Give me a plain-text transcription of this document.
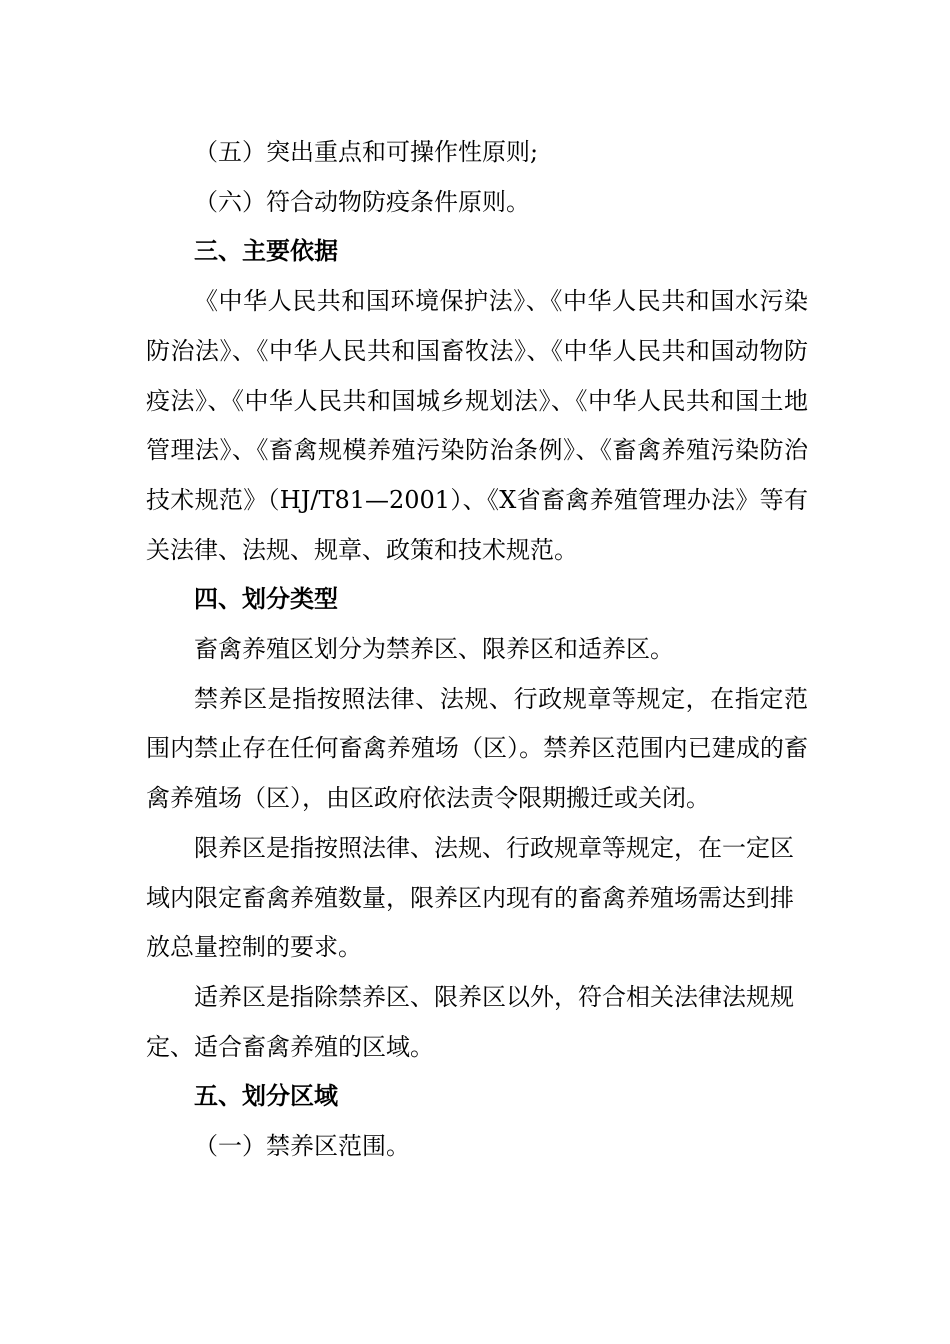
（五）突出重点和可操作性原则;

（六）符合动物防疫条件原则。

三、主要依据

《中华人民共和国环境保护法》、《中华人民共和国水污染防治法》、《中华人民共和国畜牧法》、《中华人民共和国动物防疫法》、《中华人民共和国城乡规划法》、《中华人民共和国土地管理法》、《畜禽规模养殖污染防治条例》、《畜禽养殖污染防治技术规范》（HJ/T81—2001）、《X省畜禽养殖管理办法》等有关法律、法规、规章、政策和技术规范。

四、划分类型

畜禽养殖区划分为禁养区、限养区和适养区。

禁养区是指按照法律、法规、行政规章等规定，在指定范围内禁止存在任何畜禽养殖场（区）。禁养区范围内已建成的畜禽养殖场（区），由区政府依法责令限期搬迁或关闭。

限养区是指按照法律、法规、行政规章等规定，在一定区域内限定畜禽养殖数量，限养区内现有的畜禽养殖场需达到排放总量控制的要求。

适养区是指除禁养区、限养区以外，符合相关法律法规规定、适合畜禽养殖的区域。

五、划分区域

（一）禁养区范围。
